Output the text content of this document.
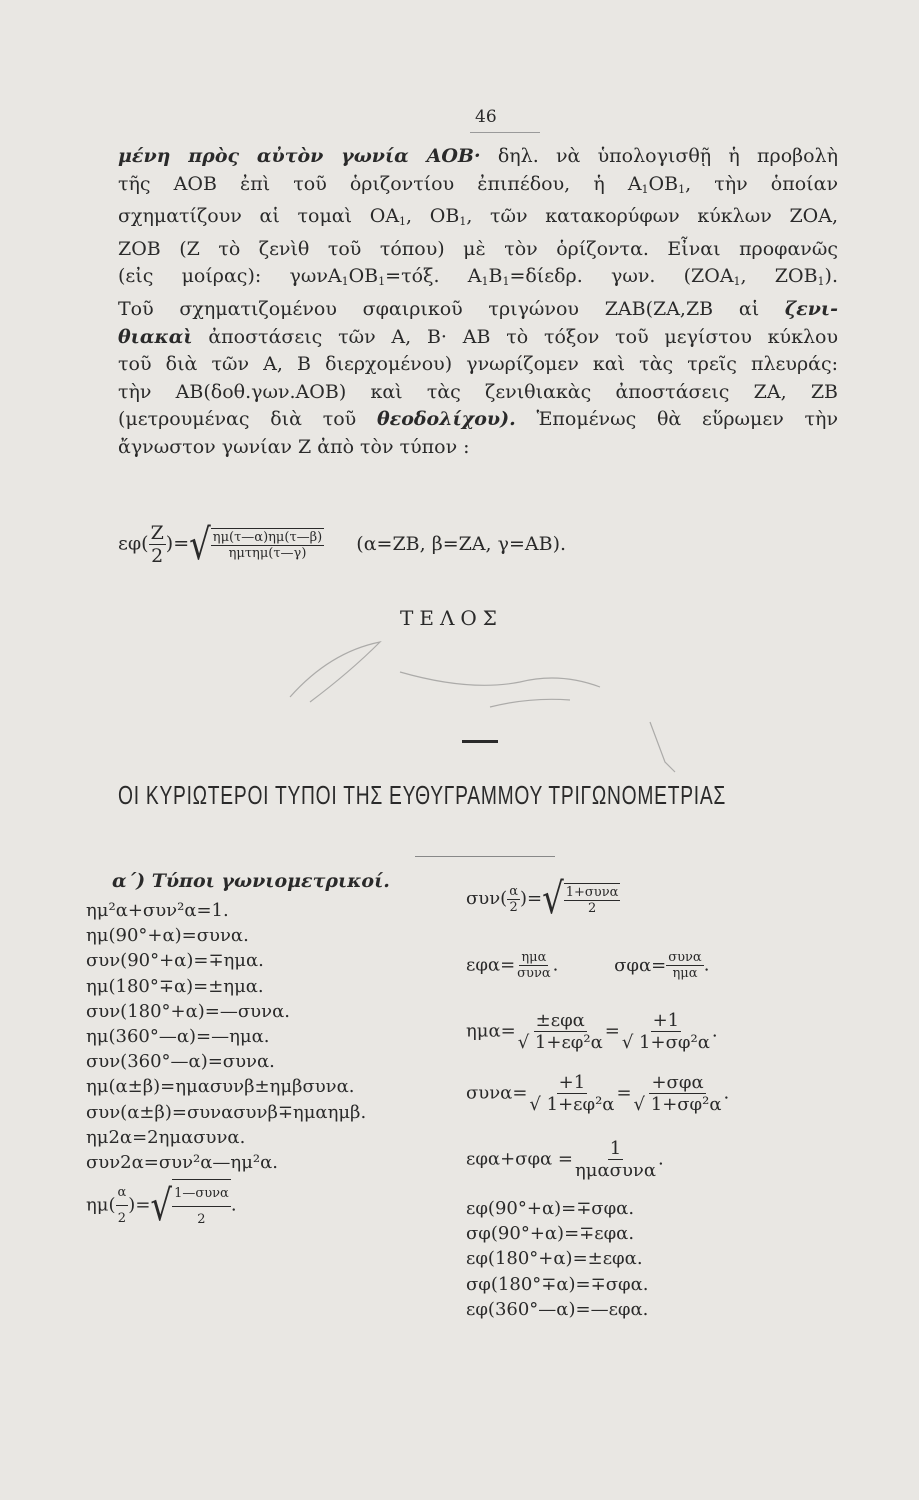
46
μένη πρὸς αὐτὸν γωνία ΑΟΒ· δηλ. νὰ ὑπολογισθῇ ἡ προβολὴ
τῆς ΑΟΒ ἐπὶ τοῦ ὁριζοντίου ἐπιπέδου, ἡ $A_1OB_1$, τὴν ὁποίαν
σχηματίζουν αἱ τομαὶ $OA_1$, $OB_1$, τῶν κατακορύφων κύκλων ΖΟΑ,
ΖΟΒ (Ζ τὸ ζενὶθ τοῦ τόπου) μὲ τὸν ὁρίζοντα. Εἶναι προφανῶς
(εἰς μοίρας): $\gamma\omega\nu A_1OB_1=\tau ό\xi$. $A_1B_1=\delta ί\varepsilon\delta\rho$. γων. ($ZOA_1$, $ZOB_1$).
Τοῦ σχηματιζομένου σφαιρικοῦ τριγώνου ΖΑΒ(ΖΑ,ΖΒ αἱ ζενι-
θιακαὶ ἀποστάσεις τῶν Α, Β· ΑΒ τὸ τόξον τοῦ μεγίστου κύκλου
τοῦ διὰ τῶν Α, Β διερχομένου) γνωρίζομεν καὶ τὰς τρεῖς πλευράς:
τὴν ΑΒ(δοθ.γων.ΑΟΒ) καὶ τὰς ζενιθιακὰς ἀποστάσεις ΖΑ, ΖΒ
(μετρουμένας διὰ τοῦ θεοδολίχου). Ἑπομένως θὰ εὕρωμεν τὴν
ἄγνωστον γωνίαν Ζ ἀπὸ τὸν τύπον :
$\varepsilon\varphi( \frac{Z}{2}$ )= √ $\frac{\eta\mu(\tau—\alpha)\eta\mu(\tau—\beta)}{\text{ημτημ(τ—γ)}} (\alpha=ZB$, β=ΖΑ, γ=ΑΒ).
ΤΕΛΟΣ
ΟΙ ΚΥΡΙΩΤΕΡΟΙ ΤΥΠΟΙ ΤΗΣ ΕΥΘΥΓΡΑΜΜΟΥ ΤΡΙΓΩΝΟΜΕΤΡΙΑΣ
α΄) Τύποι γωνιομετρικοί.
ημ²α+συν²α=1.
ημ(90°+α)=συνα.
συν(90°+α)=∓ημα.
ημ(180°∓α)=±ημα.
συν(180°+α)=—συνα.
ημ(360°—α)=—ημα.
συν(360°—α)=συνα.
ημ(α±β)=ημασυνβ±ημβσυνα.
συν(α±β)=συνασυνβ∓ημαημβ.
ημ2α=2ημασυνα.
συν2α=συν²α—ημ²α.
$\eta\mu( \frac{\alpha}{2}$ )= √ $\frac{\text{1—συνα}}{2}$ .
$\sigma\upsilon\nu( \frac{\alpha}{2}$ )= √ $\frac{\text{1+συνα}}{2}$
$\varepsilon\varphi\alpha= \frac{\text{ημα}}{\text{συνα}}$ .	$\sigma\varphi\alpha= \frac{\text{συνα}}{\text{ημα}}$ .
$\eta\mu\alpha= \frac{\text{±εφα}}{\text{√ 1+εφ²α}} = \frac{+1}{\text{√ 1+σφ²α}}$ .
$\sigma\upsilon\nu\alpha= \frac{+1}{\text{√ 1+εφ²α}} = \frac{\text{+σφα}}{\text{√ 1+σφ²α}}$ .
$\varepsilon\varphi\alpha+\sigma\varphi\alpha = \frac{1}{\text{ημασυνα}}$ .
εφ(90°+α)=∓σφα.
σφ(90°+α)=∓εφα.
εφ(180°+α)=±εφα.
σφ(180°∓α)=∓σφα.
εφ(360°—α)=—εφα.
